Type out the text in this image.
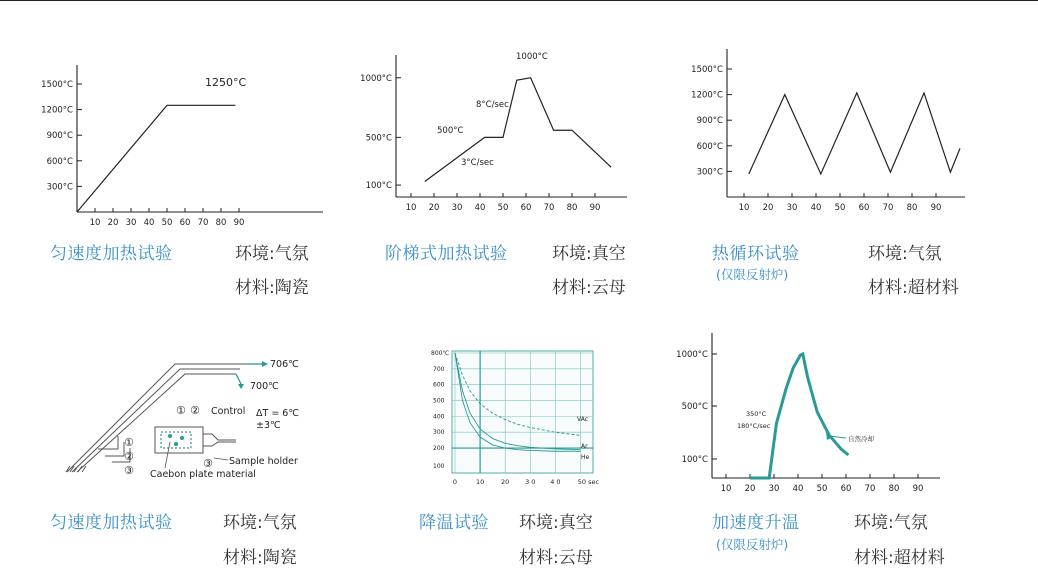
300°C
600°C
900°C
1200°C
1500°C
10 20 30 40 50 60 70 80 90
1250°C
100°C
500°C
1000°C
10 20 30 40 50 60 70 80 90
1000°C
8°C/sec
500°C
3°C/sec
300°C
600°C
900°C
1200°C
1500°C
10 20 30 40 50 60 70 80 90
706℃
700℃
Control ΔT = 6℃
±3℃
Sample holder
Caebon plate material
① ②
③
①
②
③
800℃
700
600
500
400
300
200
100
0	10	20 3 0 4 0	50 sec
VAc
Ar
He	100°C
500°C
1000°C
10 20 30 40 50 60 70 80 90
350°C
180°C/sec
自然冷却
匀速度加热试验	环境:气氛
材料:陶瓷
阶梯式加热试验	环境:真空
材料:云母
热循环试验
(仅限反射炉)
环境:气氛
材料:超材料
匀速度加热试验	环境:气氛
材料:陶瓷
降温试验 环境:真空
材料:云母
加速度升温
(仅限反射炉)
环境:气氛
材料:超材料
